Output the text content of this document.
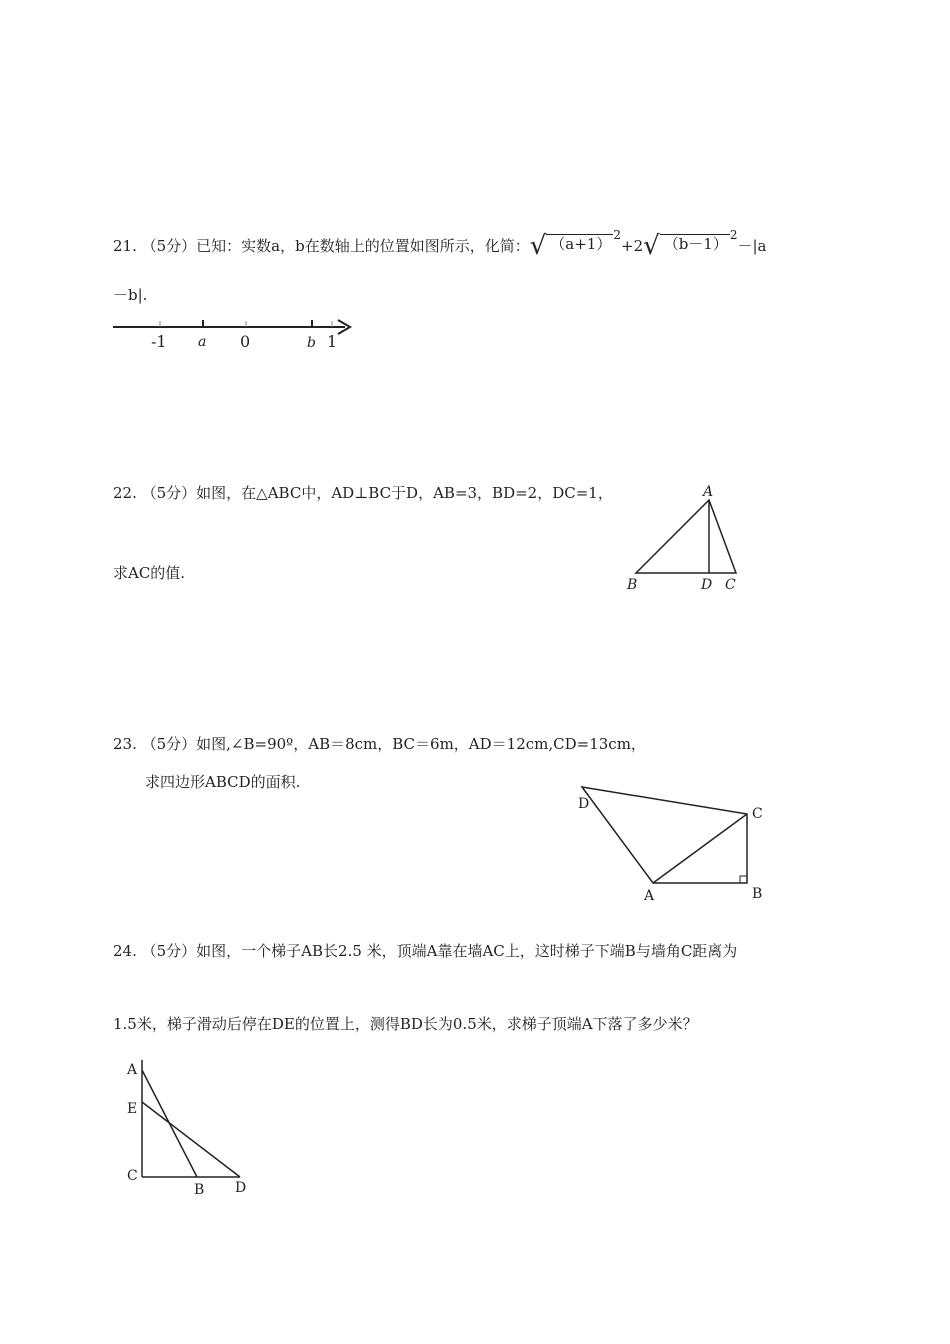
21. （5分）已知：实数a，b在数轴上的位置如图所示，化简：√ （a+1） $^2$+2√ （b－1） $^2$－|a
－b|.
-1 a 0	b 1
22. （5分）如图，在△ABC中，AD⊥BC于D，AB=3，BD=2，DC=1，
求AC的值.
A
B	D C
23. （5分）如图,∠B=90º，AB＝8cm，BC＝6m，AD＝12cm,CD=13cm，
求四边形ABCD的面积.
D
C
A	B
24. （5分）如图，一个梯子AB长2.5 米，顶端A靠在墙AC上，这时梯子下端B与墙角C距离为
1.5米，梯子滑动后停在DE的位置上，测得BD长为0.5米，求梯子顶端A下落了多少米？
A
E
C
B D
